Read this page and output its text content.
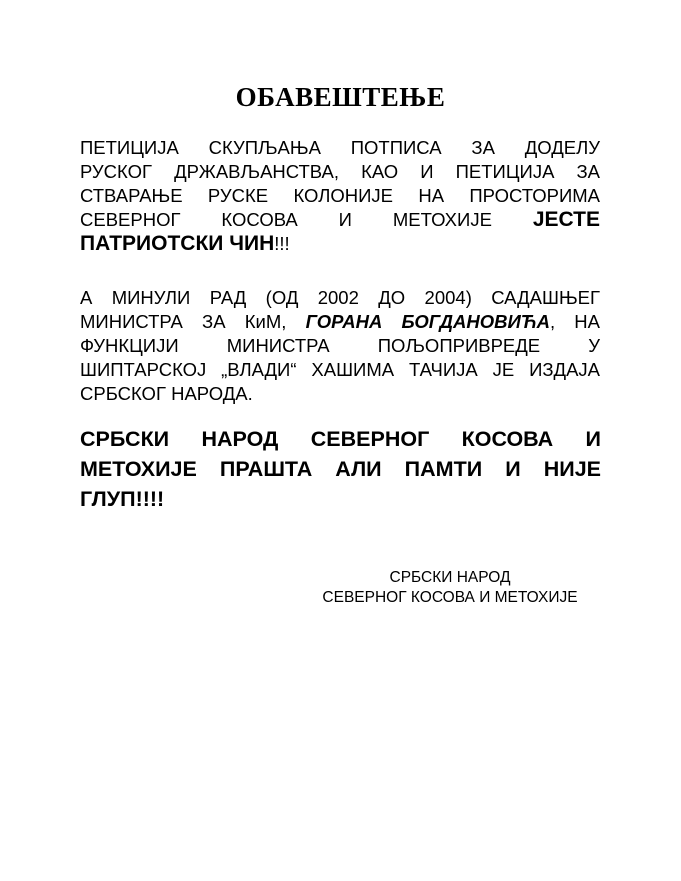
ОБАВЕШТЕЊЕ
ПЕТИЦИЈА СКУПЉАЊА ПОТПИСА ЗА ДОДЕЛУ
РУСКОГ ДРЖАВЉАНСТВА, КАО И ПЕТИЦИЈА ЗА
СТВАРАЊЕ РУСКЕ КОЛОНИЈЕ НА ПРОСТОРИМА
СЕВЕРНОГ КОСОВА И МЕТОХИЈЕ ЈЕСТЕ
ПАТРИОТСКИ ЧИН!!!
А МИНУЛИ РАД (ОД 2002 ДО 2004) САДАШЊЕГ
МИНИСТРА ЗА КиМ, ГОРАНА БОГДАНОВИЋА, НА
ФУНКЦИЈИ МИНИСТРА ПОЉОПРИВРЕДЕ У
ШИПТАРСКОЈ „ВЛАДИ“ ХАШИМА ТАЧИЈА ЈЕ ИЗДАЈА
СРБСКОГ НАРОДА.
СРБСКИ НАРОД СЕВЕРНОГ КОСОВА И
МЕТОХИЈЕ ПРАШТА АЛИ ПАМТИ И НИЈЕ
ГЛУП!!!!
СРБСКИ НАРОД
СЕВЕРНОГ КОСОВА И МЕТОХИЈЕ
